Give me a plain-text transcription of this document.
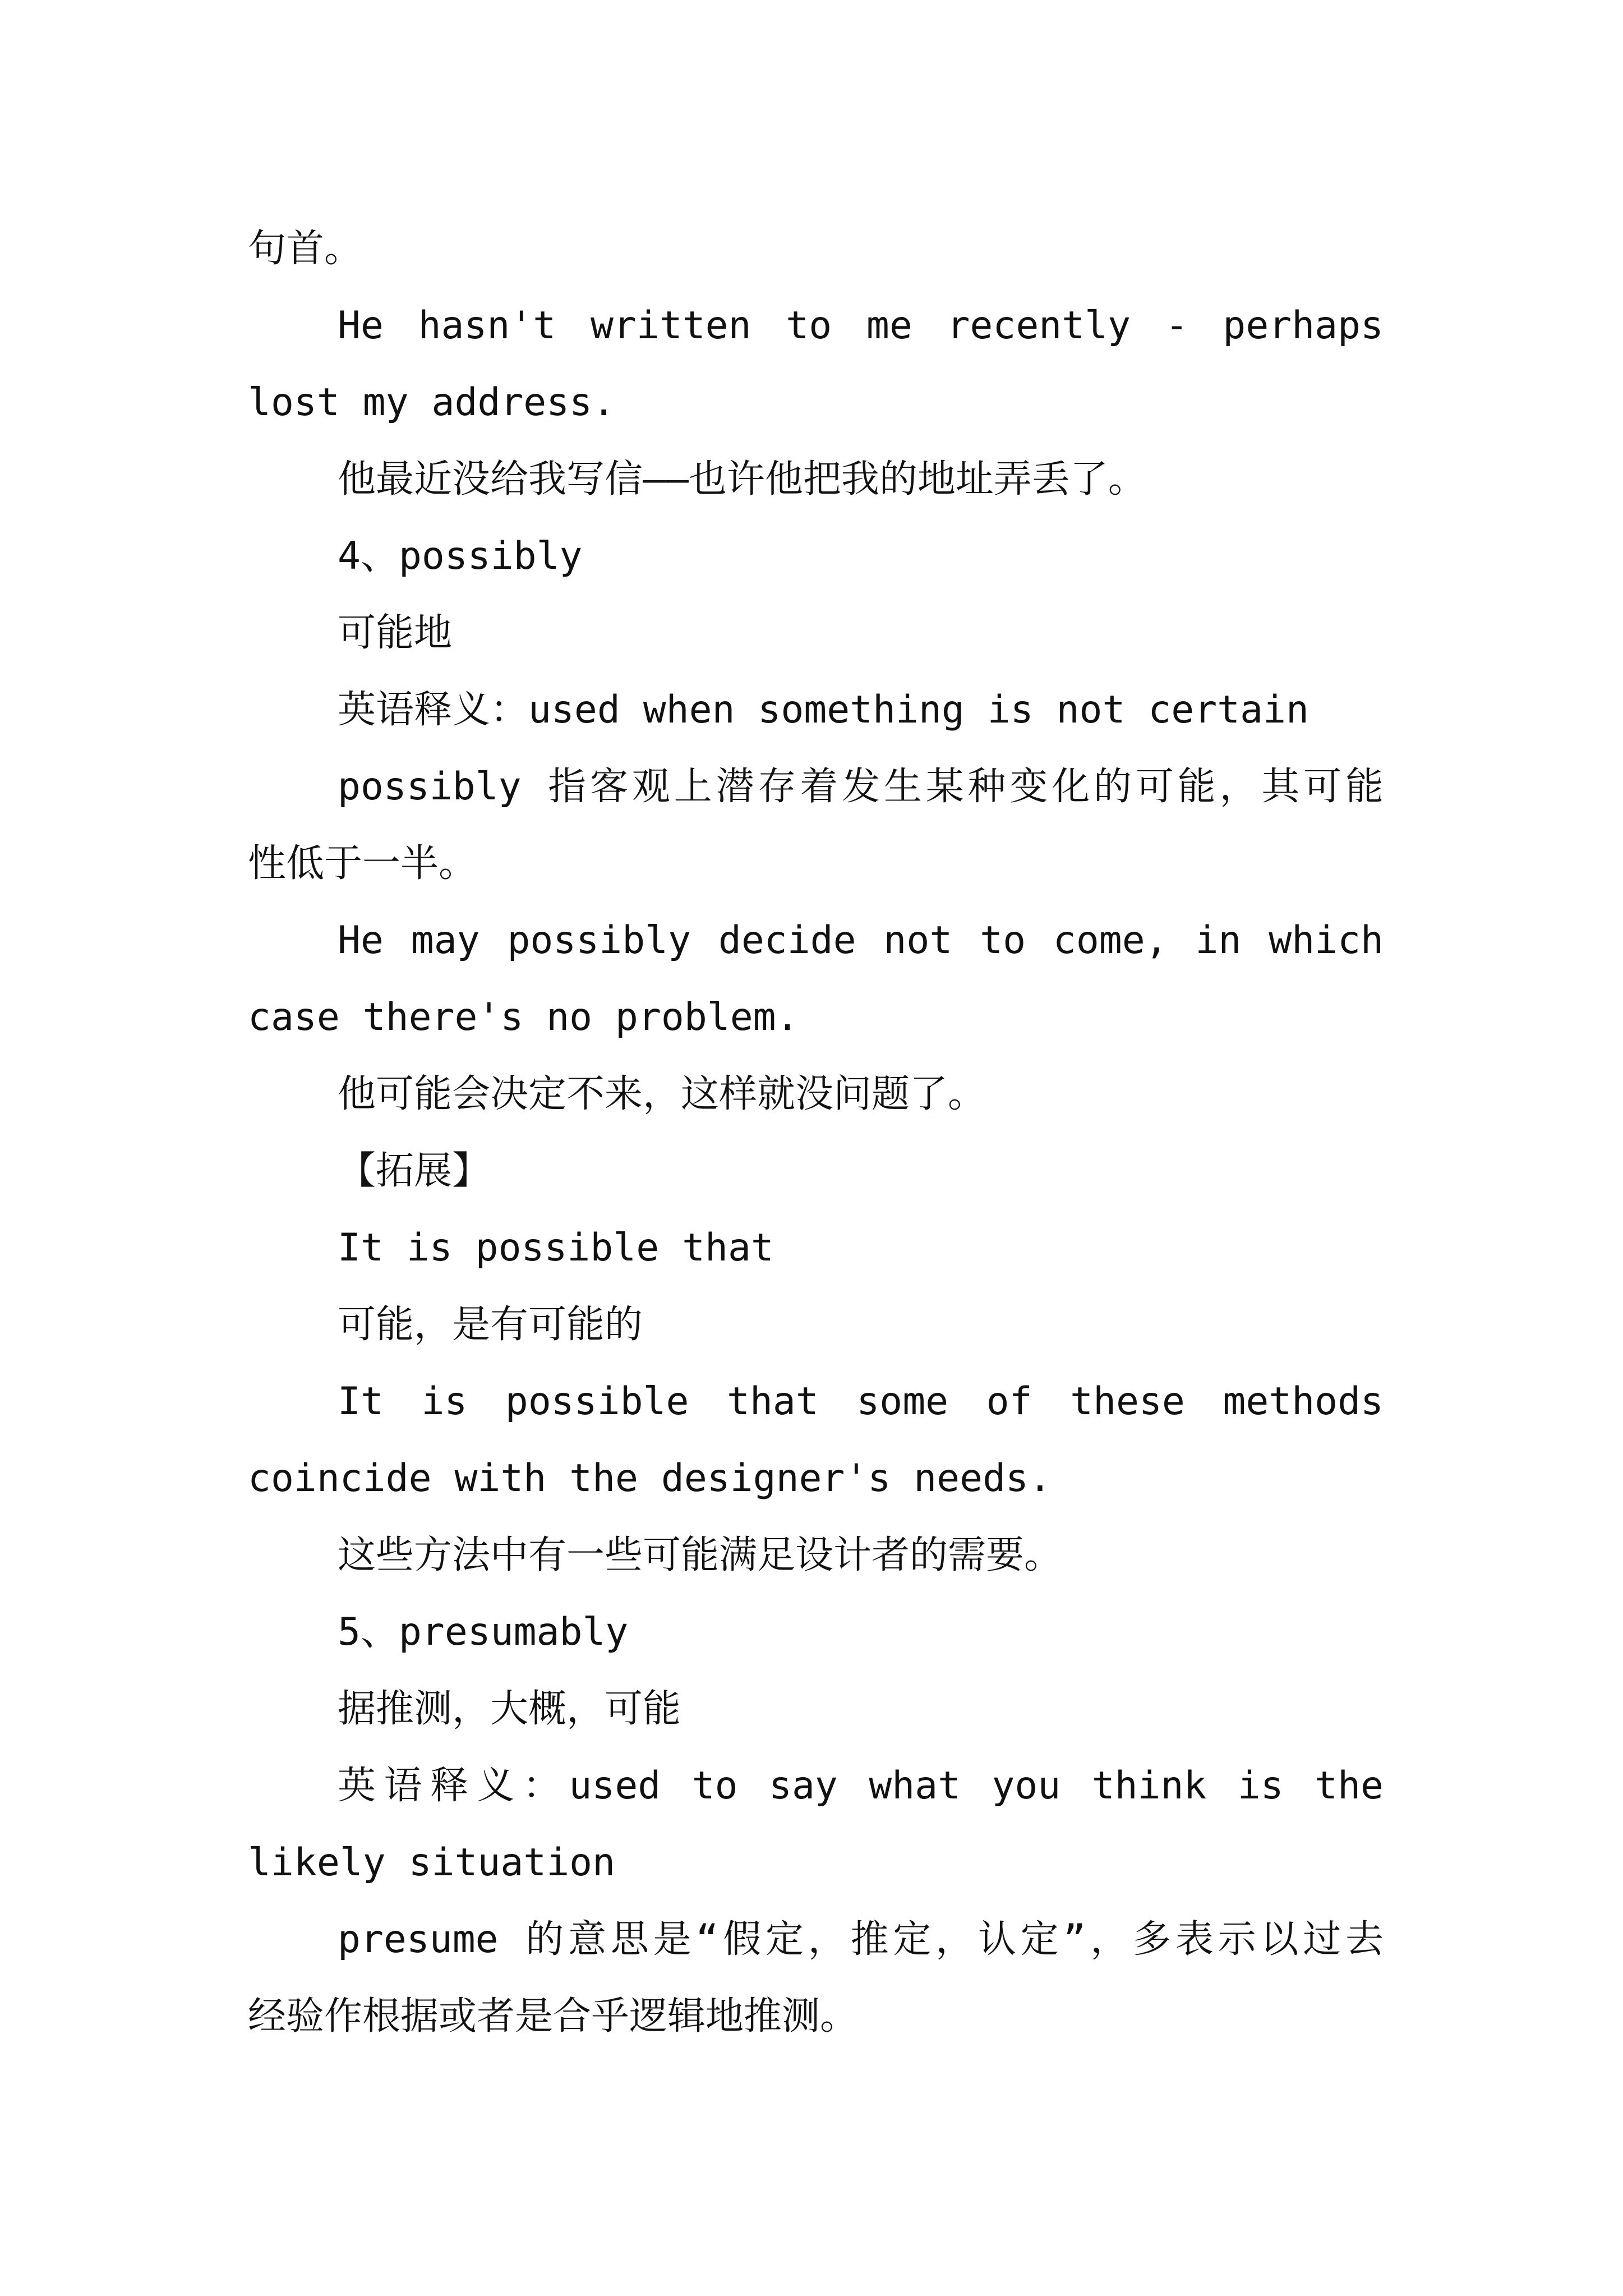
句首。
He hasn't written to me recently - perhaps
lost my address.
他最近没给我写信——也许他把我的地址弄丢了。
4、possibly
可能地
英语释义：used when something is not certain
possibly 指客观上潜存着发生某种变化的可能，其可能
性低于一半。
He may possibly decide not to come, in which
case there's no problem.
他可能会决定不来，这样就没问题了。
【拓展】
It is possible that
可能，是有可能的
It is possible that some of these methods
coincide with the designer's needs.
这些方法中有一些可能满足设计者的需要。
5、presumably
据推测，大概，可能
英语释义：used to say what you think is the
likely situation
presume 的意思是“假定，推定，认定”，多表示以过去
经验作根据或者是合乎逻辑地推测。
